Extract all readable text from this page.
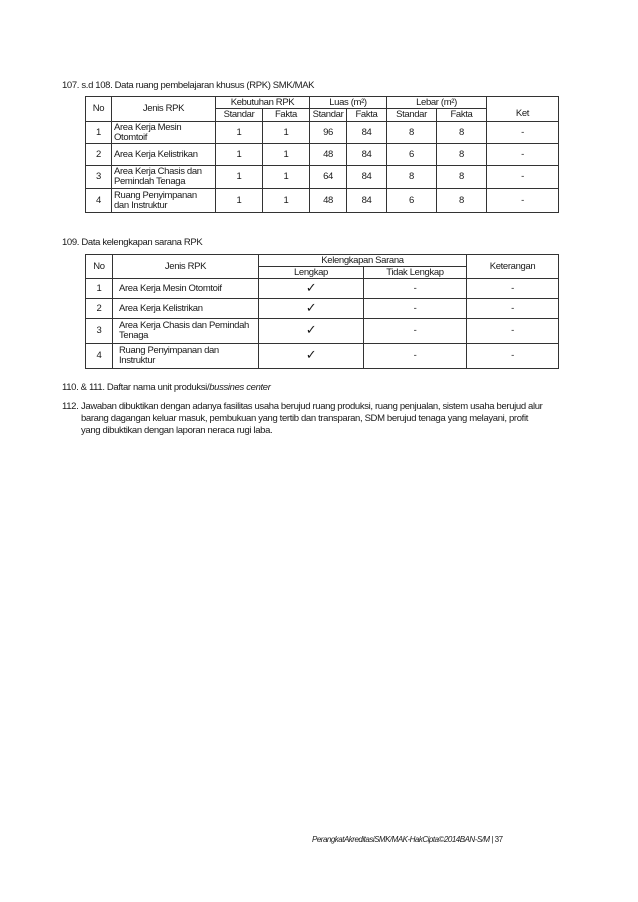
107. s.d 108. Data ruang pembelajaran khusus (RPK) SMK/MAK
No	Jenis RPK	Kebutuhan RPK		Luas (m²)		Lebar (m²)		Ket
		Standar	Fakta	Standar	Fakta	Standar	Fakta	
1	Area Kerja Mesin Otomtoif	1	1	96	84	8	8	-
2	Area Kerja Kelistrikan	1	1	48	84	6	8	-
3	Area Kerja Chasis dan Pemindah Tenaga	1	1	64	84	8	8	-
4	Ruang Penyimpanan dan Instruktur	1	1	48	84	6	8	-
109. Data kelengkapan sarana RPK
No	Jenis RPK	Kelengkapan Sarana		Keterangan
		Lengkap	Tidak Lengkap	
1	Area Kerja Mesin Otomtoif	✓	-	-
2	Area Kerja Kelistrikan	✓	-	-
3	Area Kerja Chasis dan Pemindah Tenaga	✓	-	-
4	Ruang Penyimpanan dan Instruktur	✓	-	-
110. & 111. Daftar nama unit produksi/bussines center
112. Jawaban dibuktikan dengan adanya fasilitas usaha berujud ruang produksi, ruang penjualan, sistem usaha berujud alur
barang dagangan keluar masuk, pembukuan yang tertib dan transparan, SDM berujud tenaga yang melayani, profit
yang dibuktikan dengan laporan neraca rugi laba.
PerangkatAkreditasiSMK/MAK-HakCipta©2014BAN-S/M | 37
